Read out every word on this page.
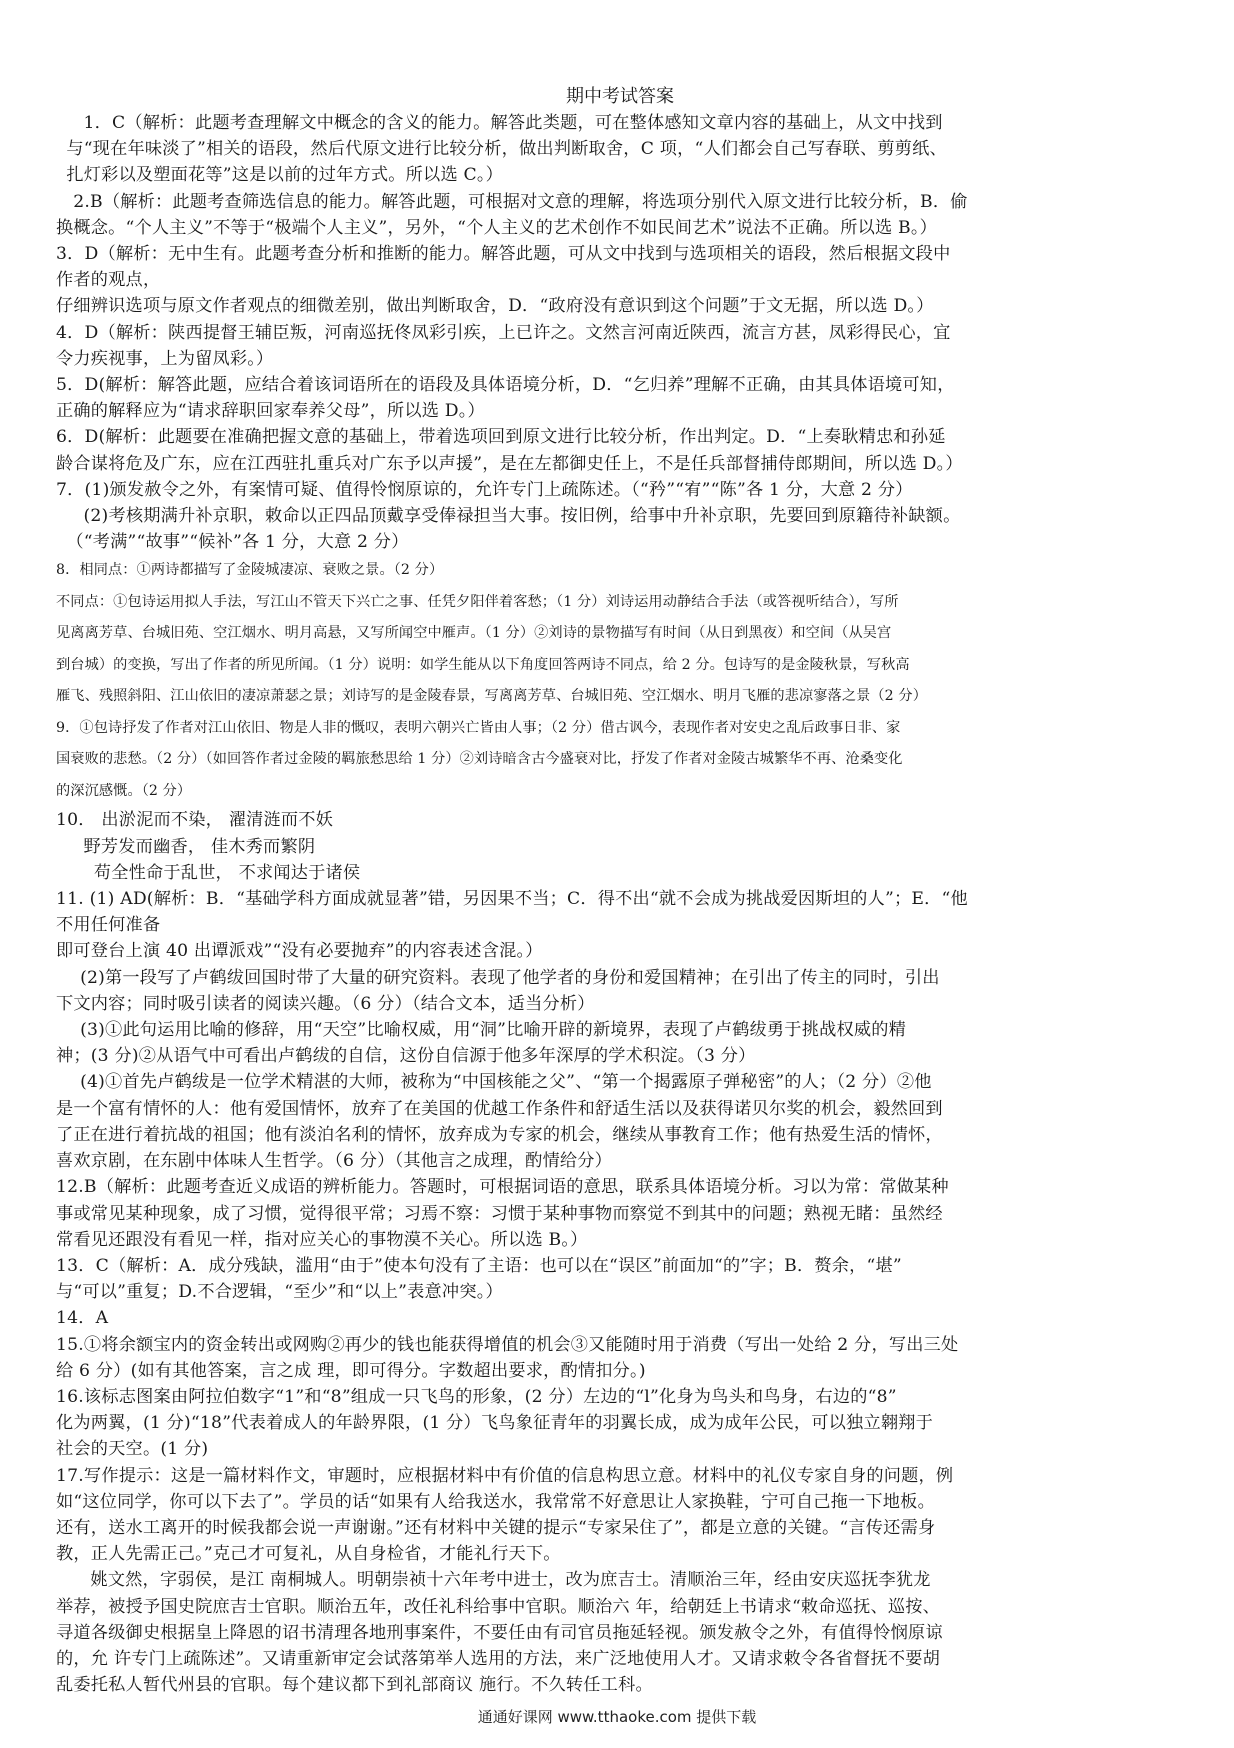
期中考试答案

1．C（解析：此题考查理解文中概念的含义的能力。解答此类题，可在整体感知文章内容的基础上，从文中找到

与“现在年味淡了”相关的语段，然后代原文进行比较分析，做出判断取舍，C 项，“人们都会自己写春联、剪剪纸、

扎灯彩以及塑面花等”这是以前的过年方式。所以选 C。）

2.B（解析：此题考查筛选信息的能力。解答此题，可根据对文意的理解，将选项分别代入原文进行比较分析，B．偷

换概念。“个人主义”不等于“极端个人主义”，另外，“个人主义的艺术创作不如民间艺术”说法不正确。所以选 B。）

3．D（解析：无中生有。此题考查分析和推断的能力。解答此题，可从文中找到与选项相关的语段，然后根据文段中

作者的观点，

仔细辨识选项与原文作者观点的细微差别，做出判断取舍，D．“政府没有意识到这个问题”于文无据，所以选 D。）

4．D（解析：陕西提督王辅臣叛，河南巡抚佟凤彩引疾，上已许之。文然言河南近陕西，流言方甚，凤彩得民心，宜

令力疾视事，上为留凤彩。）

5．D(解析：解答此题，应结合着该词语所在的语段及具体语境分析，D．“乞归养”理解不正确，由其具体语境可知，

正确的解释应为“请求辞职回家奉养父母”，所以选 D。）

6．D(解析：此题要在准确把握文意的基础上，带着选项回到原文进行比较分析，作出判定。D．“上奏耿精忠和孙延

龄合谋将危及广东，应在江西驻扎重兵对广东予以声援”，是在左都御史任上，不是任兵部督捕侍郎期间，所以选 D。）

7．(1)颁发赦令之外，有案情可疑、值得怜悯原谅的，允许专门上疏陈述。（“矜”“宥”“陈”各 1 分，大意 2 分）

(2)考核期满升补京职，敕命以正四品顶戴享受俸禄担当大事。按旧例，给事中升补京职，先要回到原籍待补缺额。

（“考满”“故事”“候补”各 1 分，大意 2 分）

8．相同点：①两诗都描写了金陵城凄凉、衰败之景。（2 分）

不同点：①包诗运用拟人手法，写江山不管天下兴亡之事、任凭夕阳伴着客愁；（1 分）刘诗运用动静结合手法（或答视听结合），写所

见离离芳草、台城旧苑、空江烟水、明月高悬，又写所闻空中雁声。（1 分）②刘诗的景物描写有时间（从日到黑夜）和空间（从吴宫

到台城）的变换，写出了作者的所见所闻。（1 分）说明：如学生能从以下角度回答两诗不同点，给 2 分。包诗写的是金陵秋景，写秋高

雁飞、残照斜阳、江山依旧的凄凉萧瑟之景；刘诗写的是金陵春景，写离离芳草、台城旧苑、空江烟水、明月飞雁的悲凉寥落之景（2 分）

9．①包诗抒发了作者对江山依旧、物是人非的慨叹，表明六朝兴亡皆由人事；（2 分）借古讽今，表现作者对安史之乱后政事日非、家

国衰败的悲愁。（2 分）（如回答作者过金陵的羁旅愁思给 1 分）②刘诗暗含古今盛衰对比，抒发了作者对金陵古城繁华不再、沧桑变化

的深沉感慨。（2 分）

10． 出淤泥而不染， 濯清涟而不妖

野芳发而幽香， 佳木秀而繁阴

苟全性命于乱世， 不求闻达于诸侯

11. (1) AD(解析：B．“基础学科方面成就显著”错，另因果不当；C．得不出“就不会成为挑战爱因斯坦的人”；E．“他

不用任何准备

即可登台上演 40 出谭派戏”“没有必要抛弃”的内容表述含混。）

(2)第一段写了卢鹤绂回国时带了大量的研究资料。表现了他学者的身份和爱国精神；在引出了传主的同时，引出

下文内容；同时吸引读者的阅读兴趣。（6 分）（结合文本，适当分析）

(3)①此句运用比喻的修辞，用“天空”比喻权威，用“洞”比喻开辟的新境界，表现了卢鹤绂勇于挑战权威的精

神；(3 分)②从语气中可看出卢鹤绂的自信，这份自信源于他多年深厚的学术积淀。（3 分）

(4)①首先卢鹤绂是一位学术精湛的大师，被称为“中国核能之父”、“第一个揭露原子弹秘密”的人；（2 分）②他

是一个富有情怀的人：他有爱国情怀，放弃了在美国的优越工作条件和舒适生活以及获得诺贝尔奖的机会，毅然回到

了正在进行着抗战的祖国；他有淡泊名利的情怀，放弃成为专家的机会，继续从事教育工作；他有热爱生活的情怀，

喜欢京剧，在东剧中体味人生哲学。（6 分）（其他言之成理，酌情给分）

12.B（解析：此题考查近义成语的辨析能力。答题时，可根据词语的意思，联系具体语境分析。习以为常：常做某种

事或常见某种现象，成了习惯，觉得很平常；习焉不察：习惯于某种事物而察觉不到其中的问题；熟视无睹：虽然经

常看见还跟没有看见一样，指对应关心的事物漠不关心。所以选 B。）

13．C（解析：A．成分残缺，滥用“由于”使本句没有了主语：也可以在“误区”前面加“的”字；B．赘余，“堪”

与“可以”重复；D.不合逻辑，“至少”和“以上”表意冲突。）

14．A

15.①将余额宝内的资金转出或网购②再少的钱也能获得增值的机会③又能随时用于消费（写出一处给 2 分，写出三处

给 6 分）(如有其他答案，言之成 理，即可得分。字数超出要求，酌情扣分。)

16.该标志图案由阿拉伯数字“1”和“8”组成一只飞鸟的形象，(2 分）左边的“l”化身为鸟头和鸟身，右边的“8”

化为两翼，(1 分)“18”代表着成人的年龄界限，(1 分）飞鸟象征青年的羽翼长成，成为成年公民，可以独立翱翔于

社会的天空。(1 分)

17.写作提示：这是一篇材料作文，审题时，应根据材料中有价值的信息构思立意。材料中的礼仪专家自身的问题，例

如“这位同学，你可以下去了”。学员的话“如果有人给我送水，我常常不好意思让人家换鞋，宁可自己拖一下地板。

还有，送水工离开的时候我都会说一声谢谢。”还有材料中关键的提示“专家呆住了”，都是立意的关键。“言传还需身

教，正人先需正己。”克己才可复礼，从自身检省，才能礼行天下。

姚文然，字弱侯，是江 南桐城人。明朝崇祯十六年考中进士，改为庶吉士。清顺治三年，经由安庆巡抚李犹龙

举荐，被授予国史院庶吉士官职。顺治五年，改任礼科给事中官职。顺治六 年，给朝廷上书请求“敕命巡抚、巡按、

寻道各级御史根据皇上降恩的诏书清理各地刑事案件，不要任由有司官员拖延轻视。颁发赦令之外，有值得怜悯原谅

的，允 许专门上疏陈述”。又请重新审定会试落第举人选用的方法，来广泛地使用人才。又请求敕令各省督抚不要胡

乱委托私人暂代州县的官职。每个建议都下到礼部商议 施行。不久转任工科。

通通好课网 www.tthaoke.com 提供下载
